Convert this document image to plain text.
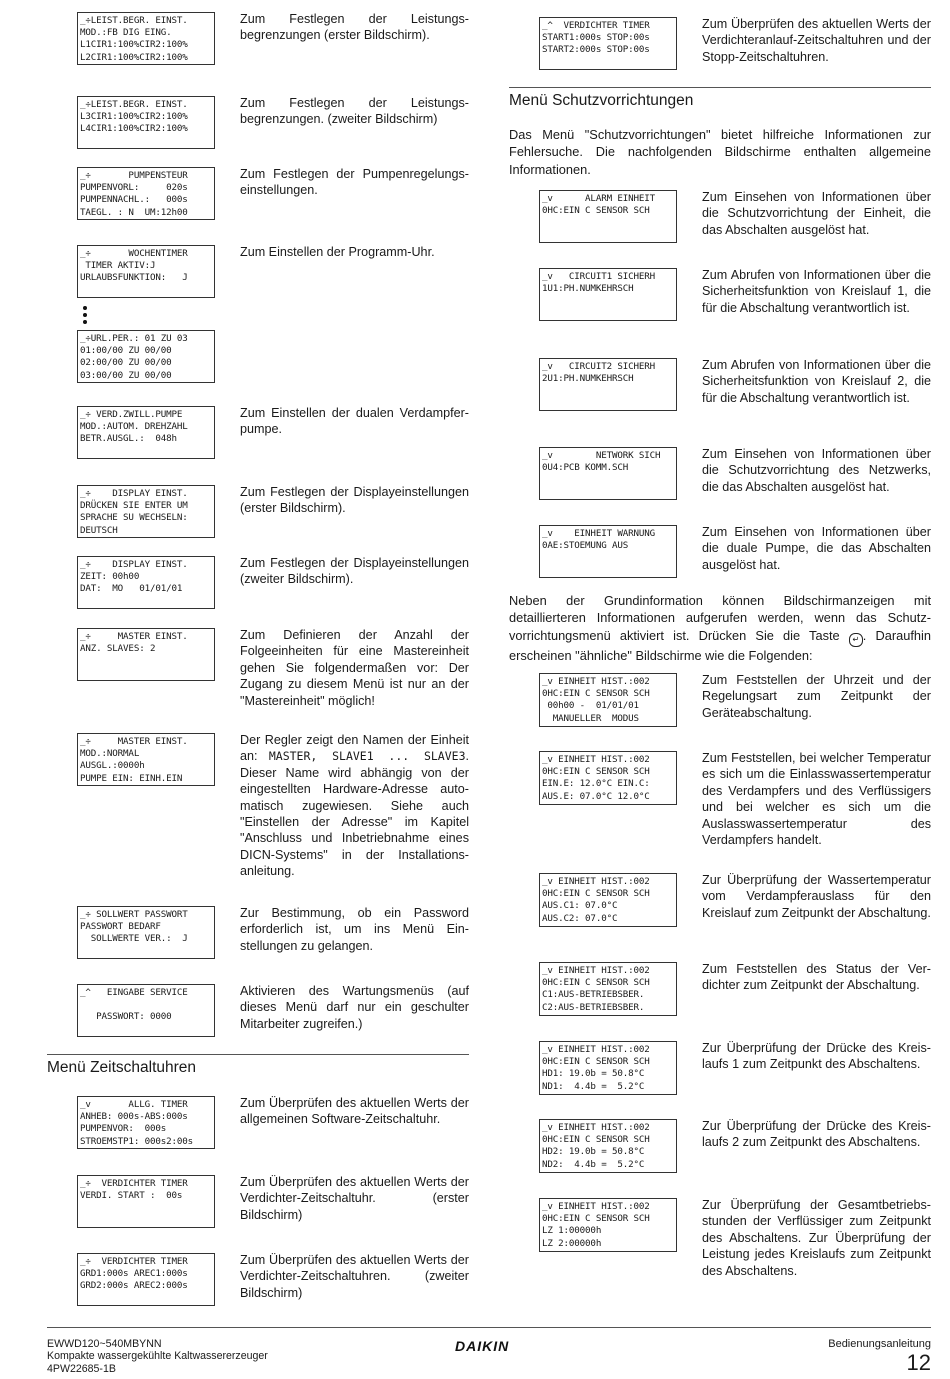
_÷LEIST.BEGR. EINST.
MOD.:FB DIG EING.
L1CIR1:100%CIR2:100%
L2CIR1:100%CIR2:100%
Zum Festlegen der Leistungsbegrenzungen (erster Bildschirm).
_÷LEIST.BEGR. EINST.
L3CIR1:100%CIR2:100%
L4CIR1:100%CIR2:100%

Zum Festlegen der Leistungsbegrenzungen. (zweiter Bildschirm)
_÷       PUMPENSTEUR
PUMPENVORL:     020s
PUMPENNACHL.:   000s
TAEGL. : N  UM:12h00
Zum Festlegen der Pumpenregelungseinstellungen.
_÷       WOCHENTIMER
TIMER AKTIV:J
URLAUBSFUNKTION:   J

Zum Einstellen der Programm-Uhr.
_÷URL.PER.: 01 ZU 03
01:00/00 ZU 00/00
02:00/00 ZU 00/00
03:00/00 ZU 00/00
_÷ VERD.ZWILL.PUMPE
MOD.:AUTOM. DREHZAHL
BETR.AUSGL.:  048h

Zum Einstellen der dualen Verdampferpumpe.
_÷    DISPLAY EINST.
DRÜCKEN SIE ENTER UM
SPRACHE SU WECHSELN:
DEUTSCH
Zum Festlegen der Displayeinstellungen (erster Bildschirm).
_÷    DISPLAY EINST.
ZEIT: 00h00
DAT:  MO   01/01/01

Zum Festlegen der Displayeinstellungen (zweiter Bildschirm).
_÷     MASTER EINST.
ANZ. SLAVES: 2

Zum Definieren der Anzahl der Folgeeinheiten für eine Mastereinheit gehen Sie folgendermaßen vor: Der Zugang zu diesem Menü ist nur an der "Mastereinheit" möglich!
_÷     MASTER EINST.
MOD.:NORMAL
AUSGL.:0000h
PUMPE EIN: EINH.EIN
Der Regler zeigt den Namen der Einheit an: MASTER, SLAVE1 ... SLAVE3. Dieser Name wird abhängig von der eingestellten Hardware-Adresse automatisch zugewiesen. Siehe auch "Einstellen der Adresse" im Kapitel "Anschluss und Inbetriebnahme eines DICN-Systems" in der Installationsanleitung.
_÷ SOLLWERT PASSWORT
PASSWORT BEDARF
SOLLWERTE VER.:  J

Zur Bestimmung, ob ein Password erforderlich ist, um ins Menü Einstellungen zu gelangen.
_^   EINGABE SERVICE

PASSWORT: 0000

Aktivieren des Wartungsmenüs (auf dieses Menü darf nur ein geschulter Mitarbeiter zugreifen.)
Menü Zeitschaltuhren
_v       ALLG. TIMER
ANHEB: 000s-ABS:000s
PUMPENVOR:  000s
STROEMSTP1: 000s2:00s
Zum Überprüfen des aktuellen Werts der allgemeinen Software-Zeitschaltuhr.
_÷  VERDICHTER TIMER
VERDI. START :  00s

Zum Überprüfen des aktuellen Werts der Verdichter-Zeitschaltuhr. (erster Bildschirm)
_÷  VERDICHTER TIMER
GRD1:000s AREC1:000s
GRD2:000s AREC2:000s

Zum Überprüfen des aktuellen Werts der Verdichter-Zeitschaltuhren. (zweiter Bildschirm)
_^  VERDICHTER TIMER
START1:000s STOP:00s
START2:000s STOP:00s

Zum Überprüfen des aktuellen Werts der Verdichteranlauf-Zeitschaltuhren und der Stopp-Zeitschaltuhren.
Menü Schutzvorrichtungen
Das Menü "Schutzvorrichtungen" bietet hilfreiche Informationen zur Fehlersuche. Die nachfolgenden Bildschirme enthalten allgemeine Informationen.
_v      ALARM EINHEIT
0HC:EIN C SENSOR SCH

Zum Einsehen von Informationen über die Schutzvorrichtung der Einheit, die das Abschalten ausgelöst hat.
_v   CIRCUIT1 SICHERH
1U1:PH.NUMKEHRSCH

Zum Abrufen von Informationen über die Sicherheitsfunktion von Kreislauf 1, die für die Abschaltung verantwortlich ist.
_v   CIRCUIT2 SICHERH
2U1:PH.NUMKEHRSCH

Zum Abrufen von Informationen über die Sicherheitsfunktion von Kreislauf 2, die für die Abschaltung verantwortlich ist.
_v        NETWORK SICH
0U4:PCB KOMM.SCH

Zum Einsehen von Informationen über die Schutzvorrichtung des Netzwerks, die das Abschalten ausgelöst hat.
_v    EINHEIT WARNUNG
0AE:STOEMUNG AUS

Zum Einsehen von Informationen über die duale Pumpe, die das Abschalten ausgelöst hat.
Neben der Grundinformation können Bildschirmanzeigen mit detaillierteren Informationen aufgerufen werden, wenn das Schutzvorrichtungsmenü aktiviert ist. Drücken Sie die Taste ↵ . Daraufhin erscheinen "ähnliche" Bildschirme wie die Folgenden:
_v EINHEIT HIST.:002
0HC:EIN C SENSOR SCH
00h00 -  01/01/01
MANUELLER  MODUS
Zum Feststellen der Uhrzeit und der Regelungsart zum Zeitpunkt der Geräteabschaltung.
_v EINHEIT HIST.:002
0HC:EIN C SENSOR SCH
EIN.E: 12.0°C EIN.C:
AUS.E: 07.0°C 12.0°C
Zum Feststellen, bei welcher Temperatur es sich um die Einlasswassertemperatur des Verdampfers und des Verflüssigers und bei welcher es sich um die Auslasswassertemperatur des Verdampfers handelt.
_v EINHEIT HIST.:002
0HC:EIN C SENSOR SCH
AUS.C1: 07.0°C
AUS.C2: 07.0°C
Zur Überprüfung der Wassertemperatur vom Verdampferauslass für den Kreislauf zum Zeitpunkt der Abschaltung.
_v EINHEIT HIST.:002
0HC:EIN C SENSOR SCH
C1:AUS-BETRIEBSBER.
C2:AUS-BETRIEBSBER.
Zum Feststellen des Status der Verdichter zum Zeitpunkt der Abschaltung.
_v EINHEIT HIST.:002
0HC:EIN C SENSOR SCH
HD1: 19.0b = 50.8°C
ND1:  4.4b =  5.2°C
Zur Überprüfung der Drücke des Kreislaufs 1 zum Zeitpunkt des Abschaltens.
_v EINHEIT HIST.:002
0HC:EIN C SENSOR SCH
HD2: 19.0b = 50.8°C
ND2:  4.4b =  5.2°C
Zur Überprüfung der Drücke des Kreislaufs 2 zum Zeitpunkt des Abschaltens.
_v EINHEIT HIST.:002
0HC:EIN C SENSOR SCH
LZ 1:00000h
LZ 2:00000h
Zur Überprüfung der Gesamtbetriebsstunden der Verflüssiger zum Zeitpunkt des Abschaltens. Zur Überprüfung der Leistung jedes Kreislaufs zum Zeitpunkt des Abschaltens.
EWWD120~540MBYNN
Kompakte wassergekühlte Kaltwassererzeuger
4PW22685-1B
DAIKIN	Bedienungsanleitung
12
